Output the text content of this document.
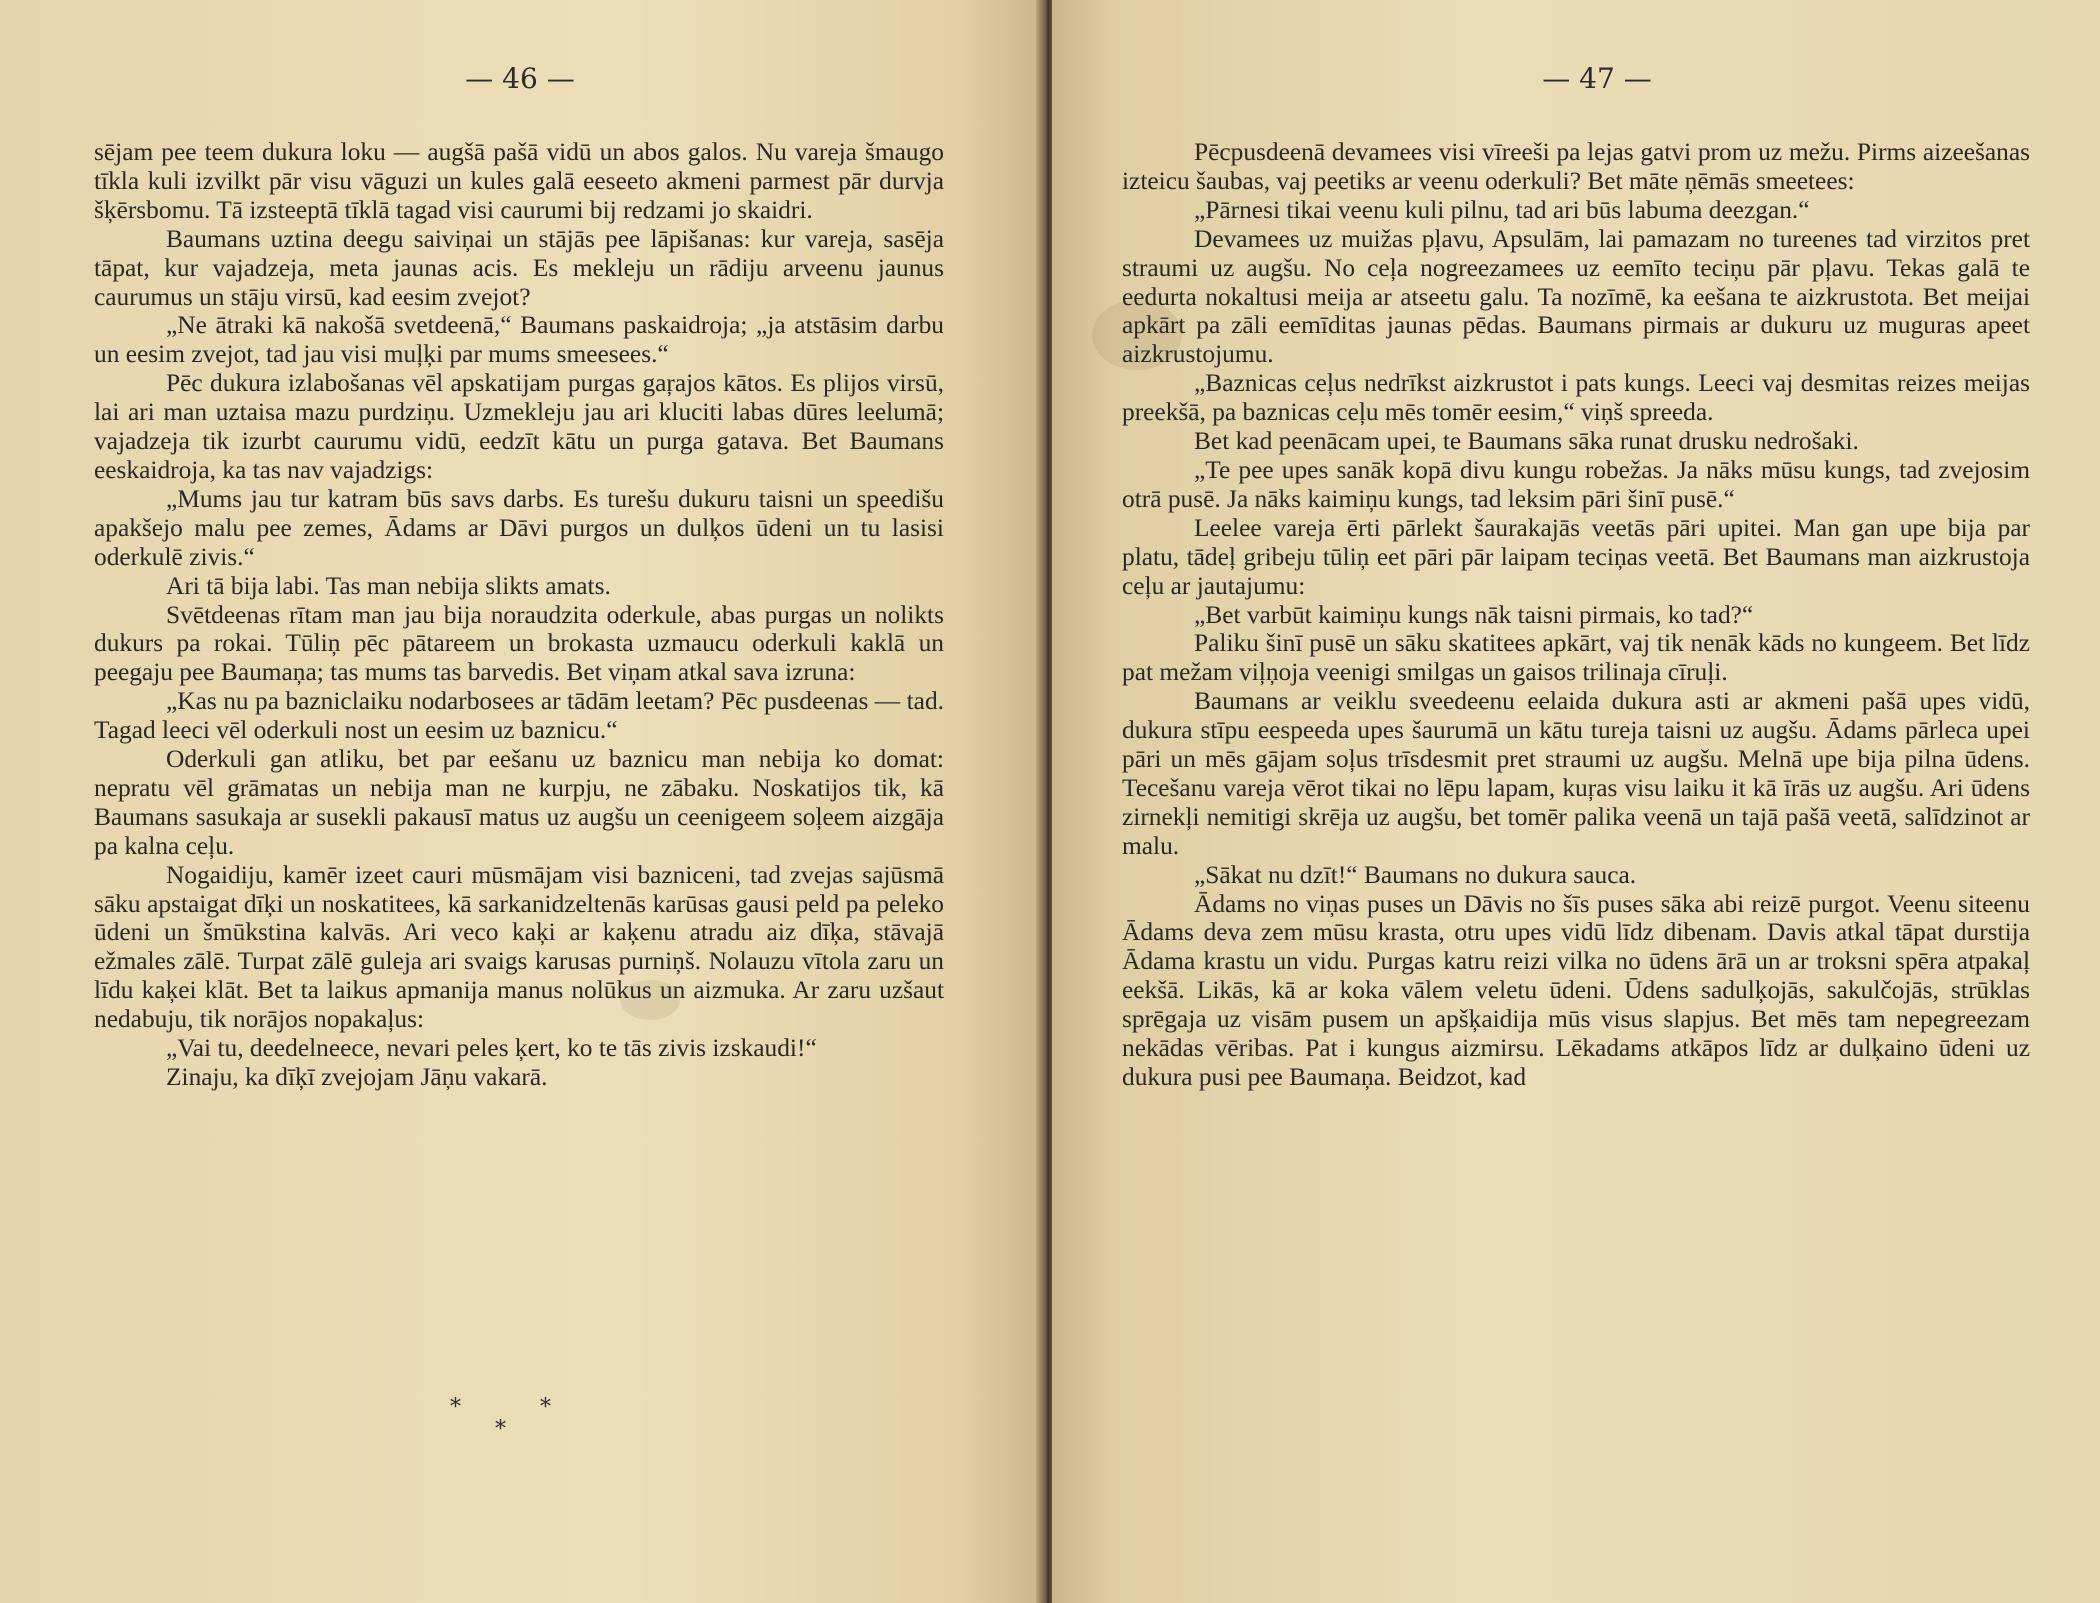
— 46 —

sējam pee teem dukura loku — augšā pašā vidū un abos galos. Nu vareja šmaugo tīkla kuli izvilkt pār visu vāguzi un kules galā eeseeto akmeni parmest pār durvja šķērsbomu. Tā izsteeptā tīklā tagad visi caurumi bij redzami jo skaidri.

Baumans uztina deegu saiviņai un stājās pee lāpišanas: kur vareja, sasēja tāpat, kur vajadzeja, meta jaunas acis. Es mekleju un rādiju arveenu jaunus caurumus un stāju virsū, kad eesim zvejot?

„Ne ātraki kā nakošā svetdeenā,“ Baumans paskaidroja; „ja atstāsim darbu un eesim zvejot, tad jau visi muļķi par mums smeesees.“

Pēc dukura izlabošanas vēl apskatijam purgas gaŗajos kātos. Es plijos virsū, lai ari man uztaisa mazu purdziņu. Uzmekleju jau ari kluciti labas dūres leelumā; vajadzeja tik izurbt caurumu vidū, eedzīt kātu un purga gatava. Bet Baumans eeskaidroja, ka tas nav vajadzigs:

„Mums jau tur katram būs savs darbs. Es turešu dukuru taisni un speedišu apakšejo malu pee zemes, Ādams ar Dāvi purgos un dulķos ūdeni un tu lasisi oderkulē zivis.“

Ari tā bija labi. Tas man nebija slikts amats.

Svētdeenas rītam man jau bija noraudzita oderkule, abas purgas un nolikts dukurs pa rokai. Tūliņ pēc pātareem un brokasta uzmaucu oderkuli kaklā un peegaju pee Baumaņa; tas mums tas barvedis. Bet viņam atkal sava izruna:

„Kas nu pa bazniclaiku nodarbosees ar tādām leetam? Pēc pusdeenas — tad. Tagad leeci vēl oderkuli nost un eesim uz baznicu.“

Oderkuli gan atliku, bet par eešanu uz baznicu man nebija ko domat: nepratu vēl grāmatas un nebija man ne kurpju, ne zābaku. Noskatijos tik, kā Baumans sasukaja ar susekli pakausī matus uz augšu un ceenigeem soļeem aizgāja pa kalna ceļu.

Nogaidiju, kamēr izeet cauri mūsmājam visi bazniceni, tad zvejas sajūsmā sāku apstaigat dīķi un noskatitees, kā sarkanidzeltenās karūsas gausi peld pa peleko ūdeni un šmūkstina kalvās. Ari veco kaķi ar kaķenu atradu aiz dīķa, stāvajā ežmales zālē. Turpat zālē guleja ari svaigs karusas purniņš. Nolauzu vītola zaru un līdu kaķei klāt. Bet ta laikus apmanija manus nolūkus un aizmuka. Ar zaru uzšaut nedabuju, tik norājos nopakaļus:

„Vai tu, deedelneece, nevari peles ķert, ko te tās zivis izskaudi!“

Zinaju, ka dīķī zvejojam Jāņu vakarā.

*	*
*
— 47 —

Pēcpusdeenā devamees visi vīreeši pa lejas gatvi prom uz mežu. Pirms aizeešanas izteicu šaubas, vaj peetiks ar veenu oderkuli? Bet māte ņēmās smeetees:

„Pārnesi tikai veenu kuli pilnu, tad ari būs labuma deezgan.“

Devamees uz muižas pļavu, Apsulām, lai pamazam no tureenes tad virzitos pret straumi uz augšu. No ceļa nogreezamees uz eemīto teciņu pār pļavu. Tekas galā te eedurta nokaltusi meija ar atseetu galu. Ta nozīmē, ka eešana te aizkrustota. Bet meijai apkārt pa zāli eemīditas jaunas pēdas. Baumans pirmais ar dukuru uz muguras apeet aizkrustojumu.

„Baznicas ceļus nedrīkst aizkrustot i pats kungs. Leeci vaj desmitas reizes meijas preekšā, pa baznicas ceļu mēs tomēr eesim,“ viņš spreeda.

Bet kad peenācam upei, te Baumans sāka runat drusku nedrošaki.

„Te pee upes sanāk kopā divu kungu robežas. Ja nāks mūsu kungs, tad zvejosim otrā pusē. Ja nāks kaimiņu kungs, tad leksim pāri šinī pusē.“

Leelee vareja ērti pārlekt šaurakajās veetās pāri upitei. Man gan upe bija par platu, tādeļ gribeju tūliņ eet pāri pār laipam teciņas veetā. Bet Baumans man aizkrustoja ceļu ar jautajumu:

„Bet varbūt kaimiņu kungs nāk taisni pirmais, ko tad?“

Paliku šinī pusē un sāku skatitees apkārt, vaj tik nenāk kāds no kungeem. Bet līdz pat mežam viļņoja veenigi smilgas un gaisos trilinaja cīruļi.

Baumans ar veiklu sveedeenu eelaida dukura asti ar akmeni pašā upes vidū, dukura stīpu eespeeda upes šaurumā un kātu tureja taisni uz augšu. Ādams pārleca upei pāri un mēs gājam soļus trīsdesmit pret straumi uz augšu. Melnā upe bija pilna ūdens. Tecešanu vareja vērot tikai no lēpu lapam, kuŗas visu laiku it kā īrās uz augšu. Ari ūdens zirnekļi nemitigi skrēja uz augšu, bet tomēr palika veenā un tajā pašā veetā, salīdzinot ar malu.

„Sākat nu dzīt!“ Baumans no dukura sauca.

Ādams no viņas puses un Dāvis no šīs puses sāka abi reizē purgot. Veenu siteenu Ādams deva zem mūsu krasta, otru upes vidū līdz dibenam. Davis atkal tāpat durstija Ādama krastu un vidu. Purgas katru reizi vilka no ūdens ārā un ar troksni spēra atpakaļ eekšā. Likās, kā ar koka vālem veletu ūdeni. Ūdens sadulķojās, sakulčojās, strūklas sprēgaja uz visām pusem un apšķaidija mūs visus slapjus. Bet mēs tam nepegreezam nekādas vēribas. Pat i kungus aizmirsu. Lēkadams atkāpos līdz ar dulķaino ūdeni uz dukura pusi pee Baumaņa. Beidzot, kad
